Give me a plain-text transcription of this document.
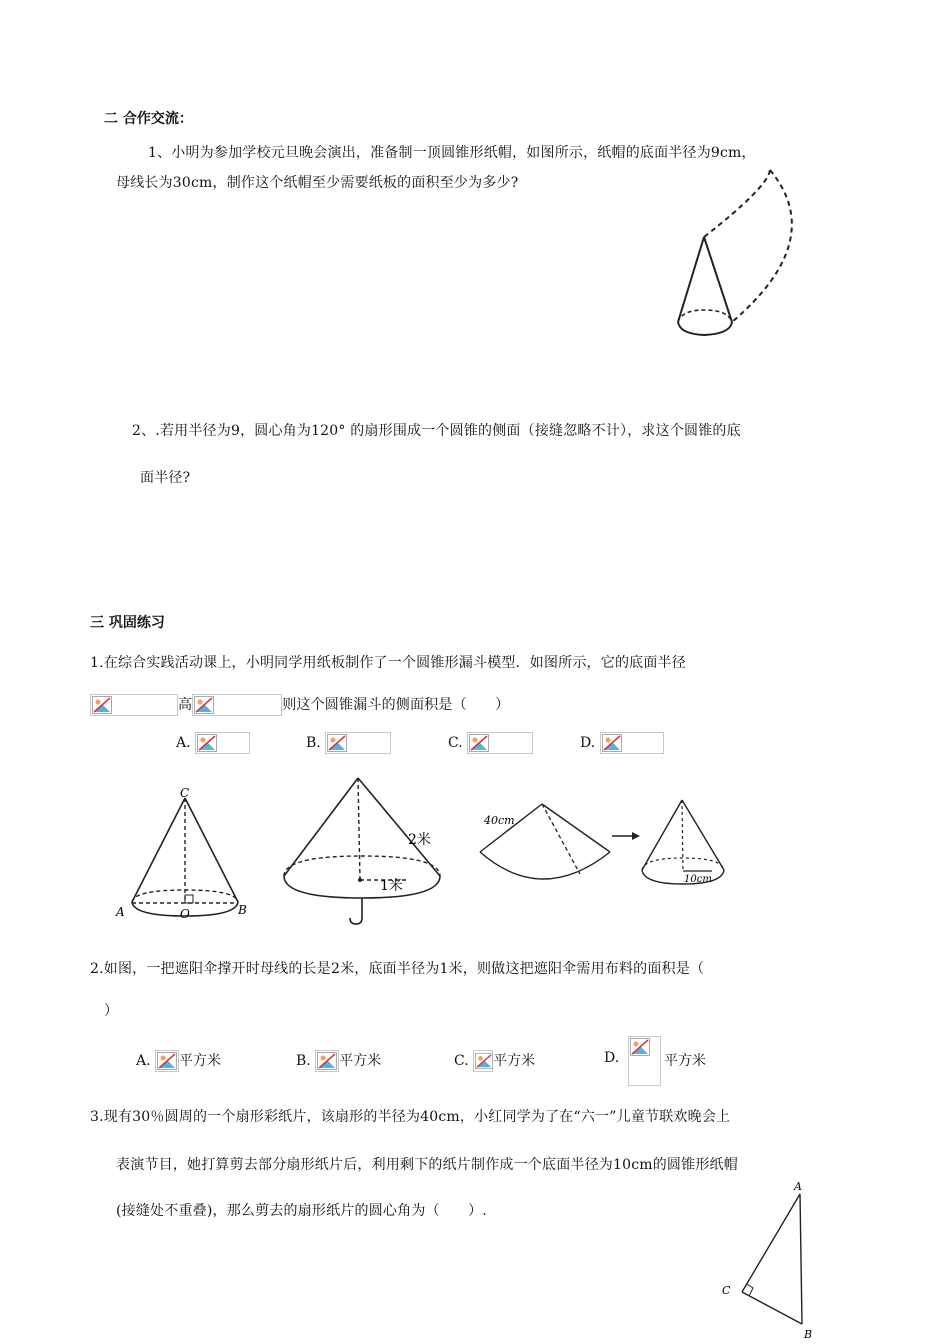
二 合作交流：
1、小明为参加学校元旦晚会演出，准备制一顶圆锥形纸帽，如图所示，纸帽的底面半径为9cm，
母线长为30cm，制作这个纸帽至少需要纸板的面积至少为多少?
2、.若用半径为9，圆心角为120° 的扇形围成一个圆锥的侧面（接缝忽略不计），求这个圆锥的底
面半径?
三 巩固练习
1.在综合实践活动课上，小明同学用纸板制作了一个圆锥形漏斗模型．如图所示，它的底面半径
高	则这个圆锥漏斗的侧面积是（　　）
A.	B.	C.	D.
C
A	O	B
2米
1米
40cm
10cm
2.如图，一把遮阳伞撑开时母线的长是2米，底面半径为1米，则做这把遮阳伞需用布料的面积是（
）
A. 平方米	B. 平方米	C. 平方米	D.	平方米
3.现有30％圆周的一个扇形彩纸片，该扇形的半径为40cm，小红同学为了在“六一”儿童节联欢晚会上
表演节目，她打算剪去部分扇形纸片后，利用剩下的纸片制作成一个底面半径为10cm的圆锥形纸帽
(接缝处不重叠)，那么剪去的扇形纸片的圆心角为（　　）.
A
C
B
